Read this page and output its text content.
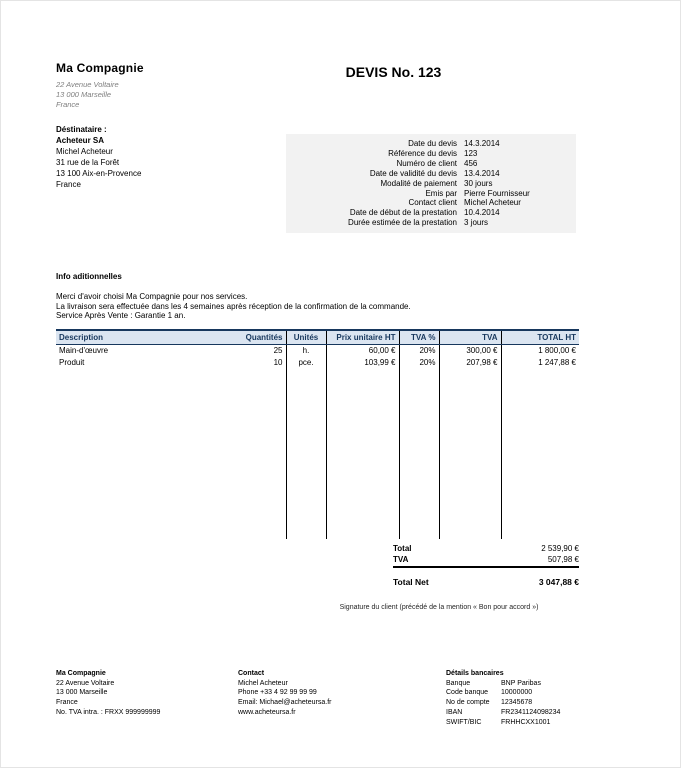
Ma Compagnie
22 Avenue Voltaire
13 000 Marseille
France
DEVIS No. 123
Déstinataire :
Acheteur SA
Michel Acheteur
31 rue de la Forêt
13 100 Aix-en-Provence
France
Date du devis 14.3.2014
Référence du devis 123
Numéro de client 456
Date de validité du devis 13.4.2014
Modalité de paiement 30 jours
Emis par Pierre Fournisseur
Contact client Michel Acheteur
Date de début de la prestation 10.4.2014
Durée estimée de la prestation 3 jours
Info aditionnelles
Merci d'avoir choisi Ma Compagnie pour nos services.
La livraison sera effectuée dans les 4 semaines après réception de la confirmation de la commande.
Service Après Vente : Garantie 1 an.
Description	Quantités	Unités	Prix unitaire HT	TVA %	TVA	TOTAL HT
Main-d'œuvre	25	h.	60,00 €	20%	300,00 €	1 800,00 €
Produit	10	pce.	103,99 €	20%	207,98 €	1 247,88 €

Total	2 539,90 €
TVA	507,98 €
Total Net	3 047,88 €
Signature du client (précédé de la mention « Bon pour accord »)
Ma Compagnie
22 Avenue Voltaire
13 000 Marseille
France
No. TVA intra. : FRXX 999999999
Contact
Michel Acheteur
Phone +33 4 92 99 99 99
Email: Michael@acheteursa.fr
www.acheteursa.fr
Détails bancaires
Banque	BNP Paribas
Code banque	10000000
No de compte	12345678
IBAN	FR2341124098234
SWIFT/BIC	FRHHCXX1001
